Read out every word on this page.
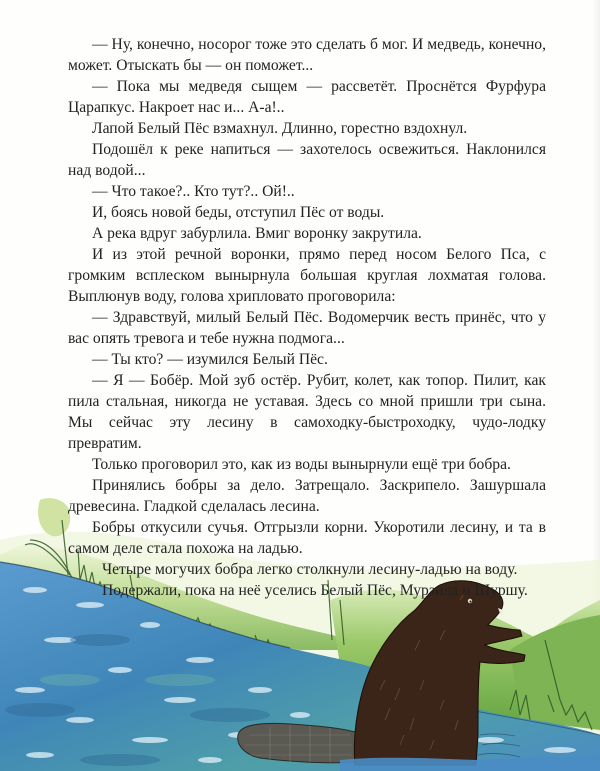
— Ну, конечно, носорог тоже это сделать б мог. И медведь, конечно, может. Отыскать бы — он поможет...

— Пока мы медведя сыщем — рассветёт. Проснётся Фурфура Царапкус. Накроет нас и... А-а!..

Лапой Белый Пёс взмахнул. Длинно, горестно вздохнул.

Подошёл к реке напиться — захотелось освежиться. Наклонился над водой...

— Что такое?.. Кто тут?.. Ой!..

И, боясь новой беды, отступил Пёс от воды.

А река вдруг забурлила. Вмиг воронку закрутила.

И из этой речной воронки, прямо перед носом Белого Пса, с громким всплеском вынырнула большая круглая лохматая голова. Выплюнув воду, голова хрипловато проговорила:

— Здравствуй, милый Белый Пёс. Водомерчик весть принёс, что у вас опять тревога и тебе нужна подмога...

— Ты кто? — изумился Белый Пёс.

— Я — Бобёр. Мой зуб остёр. Рубит, колет, как топор. Пилит, как пила стальная, никогда не уставая. Здесь со мной пришли три сына. Мы сейчас эту лесину в самоходку-быстроходку, чудо-лодку превратим.

Только проговорил это, как из воды вынырнули ещё три бобра.

Принялись бобры за дело. Затрещало. Заскрипело. Зашуршала древесина. Гладкой сделалась лесина.

Бобры откусили сучья. Отгрызли корни. Укоротили лесину, и та в самом деле стала похожа на ладью.

Четыре могучих бобра легко столкнули лесину-ладью на воду.

Подержали, пока на неё уселись Белый Пёс, Мурзила и Шуршу.
